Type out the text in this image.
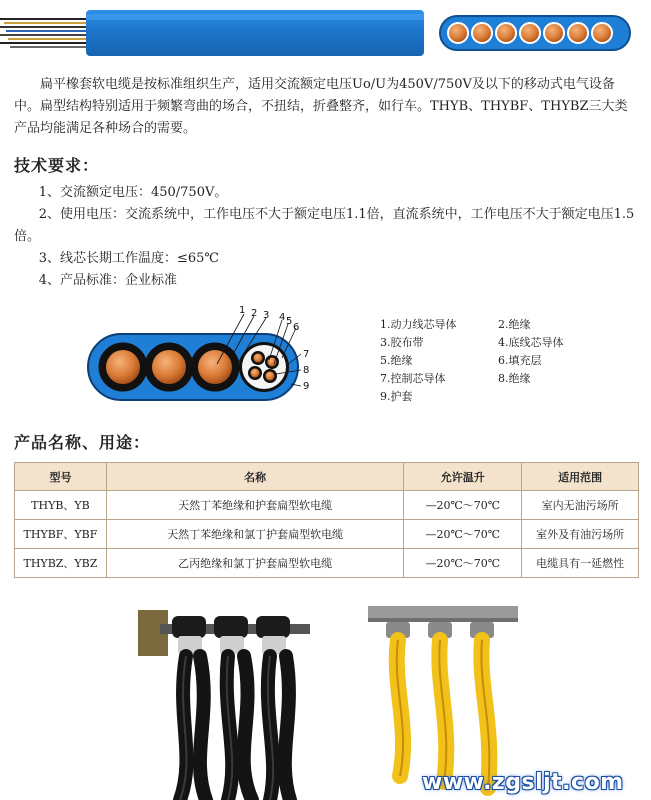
扁平橡套软电缆是按标准组织生产，适用交流额定电压Uo/U为450V/750V及以下的移动式电气设备中。扁型结构特别适用于频繁弯曲的场合，不扭结，折叠整齐，如行车。THYB、THYBF、THYBZ三大类产品均能满足各种场合的需要。

技术要求：
1、交流额定电压：450/750V。
2、使用电压：交流系统中，工作电压不大于额定电压1.1倍，直流系统中，工作电压不大于额定电压1.5倍。
3、线芯长期工作温度：≤65℃
4、产品标准：企业标准
1 2 3 4 5
6
7
8
9
1.动力线芯导体	2.绝缘
3.胶布带	4.底线芯导体
5.绝缘	6.填充层
7.控制芯导体	8.绝缘
9.护套
产品名称、用途：
型号	名称	允许温升	适用范围
THYB、YB	天然丁苯绝缘和护套扁型软电缆	—20℃～70℃	室内无油污场所
THYBF、YBF	天然丁苯绝缘和氯丁护套扁型软电缆	—20℃～70℃	室外及有油污场所
THYBZ、YBZ	乙丙绝缘和氯丁护套扁型软电缆	—20℃～70℃	电缆具有一延燃性
www.zgsljt.com
